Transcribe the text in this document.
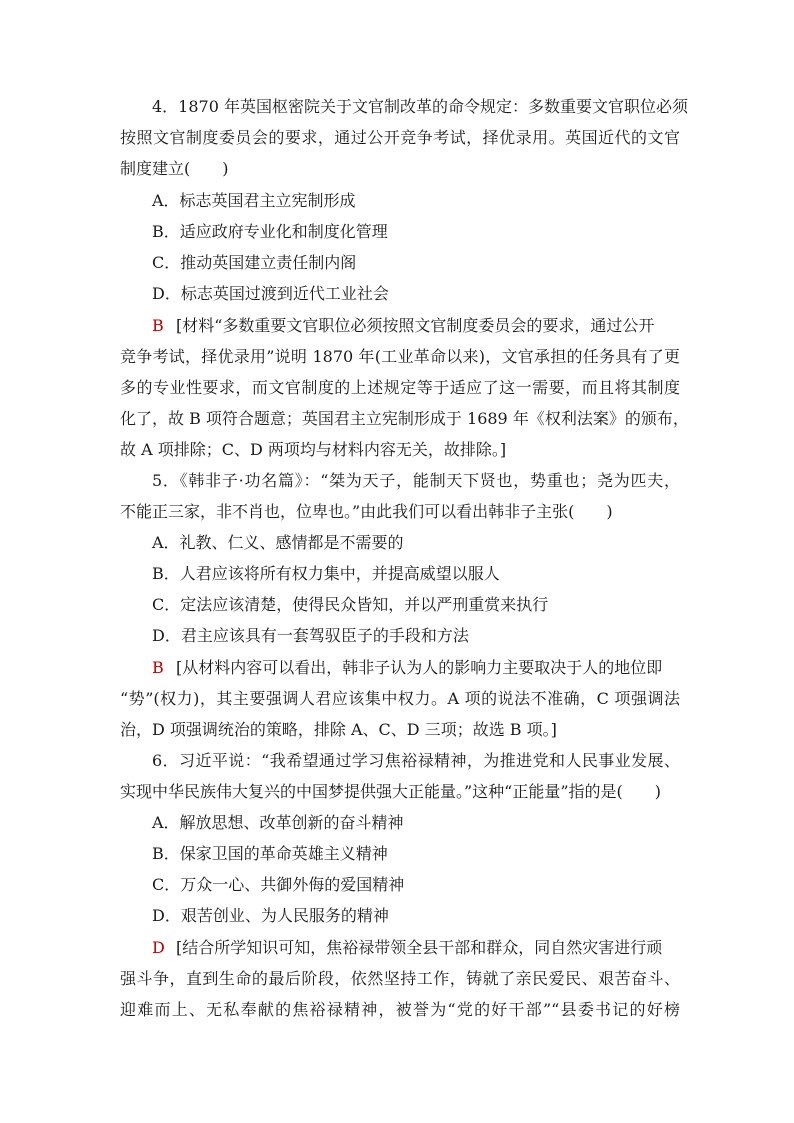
4．1870 年英国枢密院关于文官制改革的命令规定：多数重要文官职位必须
按照文官制度委员会的要求，通过公开竞争考试，择优录用。英国近代的文官
制度建立(　　)
A．标志英国君主立宪制形成
B．适应政府专业化和制度化管理
C．推动英国建立责任制内阁
D．标志英国过渡到近代工业社会
B [材料“多数重要文官职位必须按照文官制度委员会的要求，通过公开
竞争考试，择优录用”说明 1870 年(工业革命以来)，文官承担的任务具有了更
多的专业性要求，而文官制度的上述规定等于适应了这一需要，而且将其制度
化了，故 B 项符合题意；英国君主立宪制形成于 1689 年《权利法案》的颁布，
故 A 项排除；C、D 两项均与材料内容无关，故排除。]
5．《韩非子·功名篇》：“桀为天子，能制天下贤也，势重也；尧为匹夫，
不能正三家，非不肖也，位卑也。”由此我们可以看出韩非子主张(　　)
A．礼教、仁义、感情都是不需要的
B．人君应该将所有权力集中，并提高威望以服人
C．定法应该清楚，使得民众皆知，并以严刑重赏来执行
D．君主应该具有一套驾驭臣子的手段和方法
B [从材料内容可以看出，韩非子认为人的影响力主要取决于人的地位即
“势”(权力)，其主要强调人君应该集中权力。A 项的说法不准确，C 项强调法
治，D 项强调统治的策略，排除 A、C、D 三项；故选 B 项。]
6．习近平说：“我希望通过学习焦裕禄精神，为推进党和人民事业发展、
实现中华民族伟大复兴的中国梦提供强大正能量。”这种“正能量”指的是(　　)
A．解放思想、改革创新的奋斗精神
B．保家卫国的革命英雄主义精神
C．万众一心、共御外侮的爱国精神
D．艰苦创业、为人民服务的精神
D [结合所学知识可知，焦裕禄带领全县干部和群众，同自然灾害进行顽
强斗争，直到生命的最后阶段，依然坚持工作，铸就了亲民爱民、艰苦奋斗、
迎难而上、无私奉献的焦裕禄精神，被誉为“党的好干部”“县委书记的好榜
